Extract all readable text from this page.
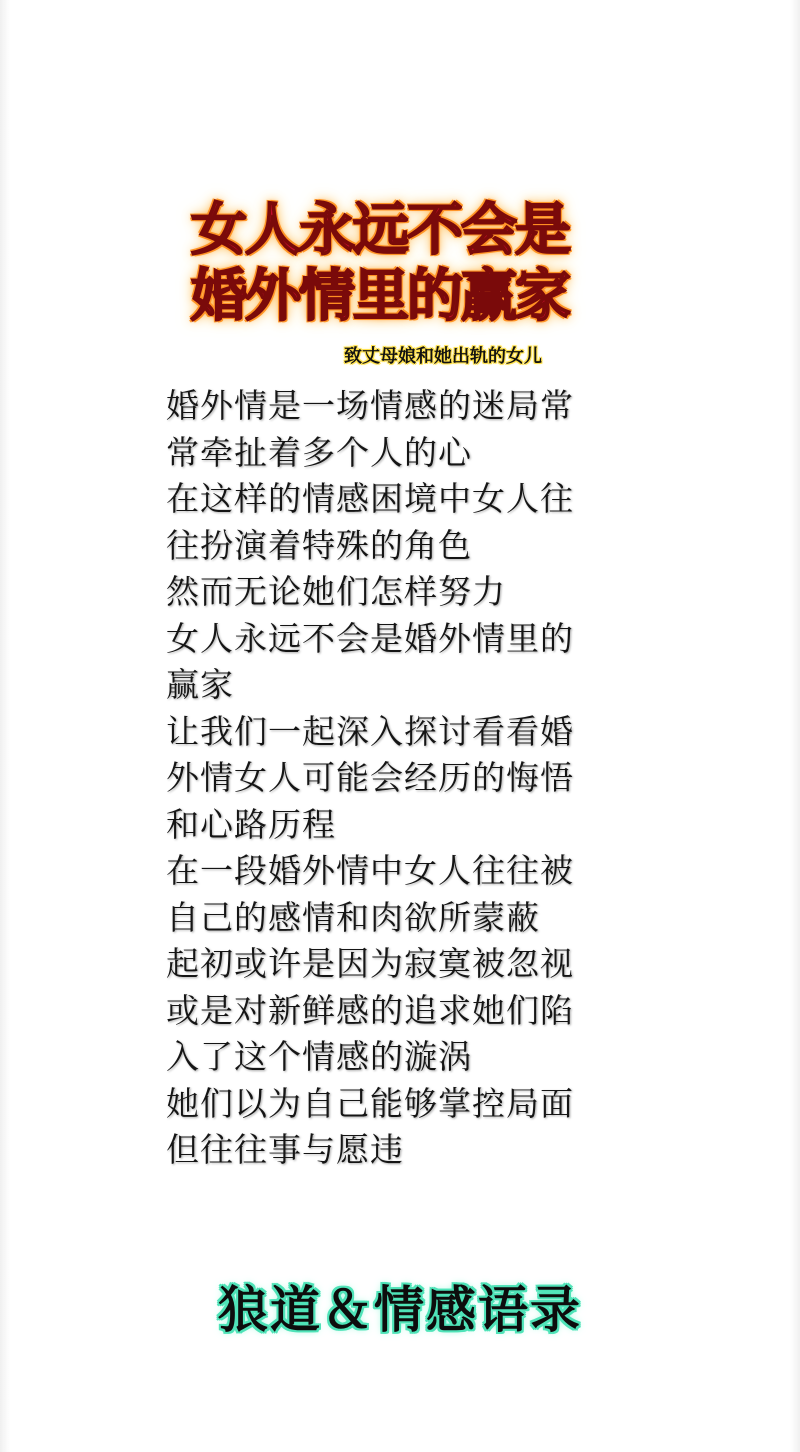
女人永远不会是
婚外情里的赢家
致丈母娘和她出轨的女儿
婚外情是一场情感的迷局常
常牵扯着多个人的心
在这样的情感困境中女人往
往扮演着特殊的角色
然而无论她们怎样努力
女人永远不会是婚外情里的
赢家
让我们一起深入探讨看看婚
外情女人可能会经历的悔悟
和心路历程
在一段婚外情中女人往往被
自己的感情和肉欲所蒙蔽
起初或许是因为寂寞被忽视
或是对新鲜感的追求她们陷
入了这个情感的漩涡
她们以为自己能够掌控局面
但往往事与愿违
狼道＆情感语录
